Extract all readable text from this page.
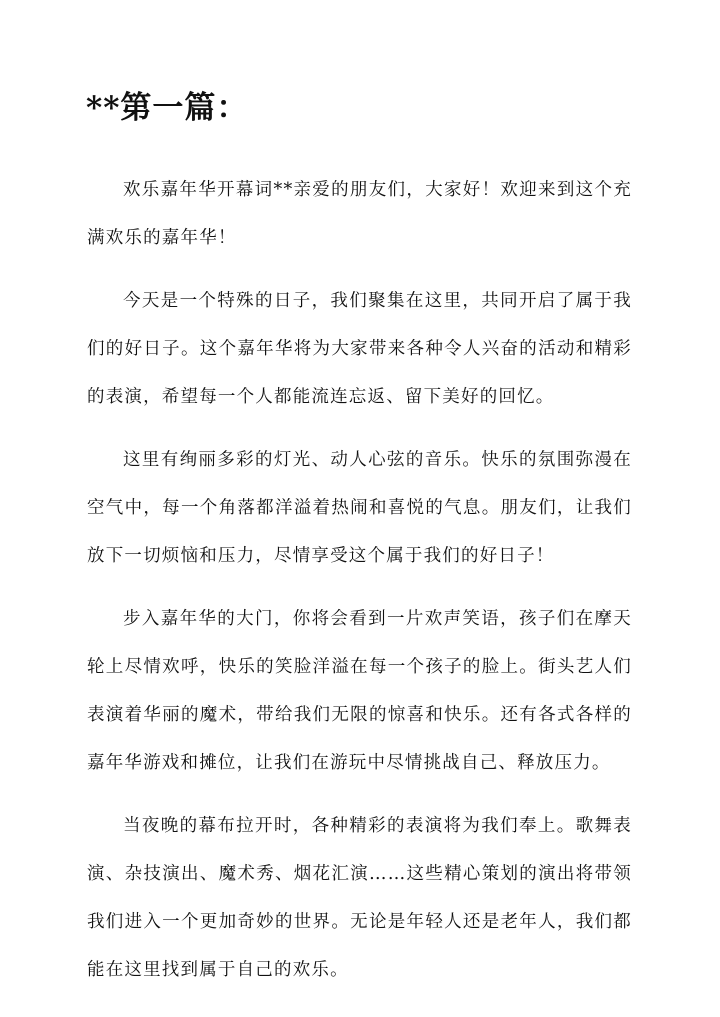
**第一篇：

欢乐嘉年华开幕词**亲爱的朋友们，大家好！欢迎来到这个充满欢乐的嘉年华！

今天是一个特殊的日子，我们聚集在这里，共同开启了属于我们的好日子。这个嘉年华将为大家带来各种令人兴奋的活动和精彩的表演，希望每一个人都能流连忘返、留下美好的回忆。

这里有绚丽多彩的灯光、动人心弦的音乐。快乐的氛围弥漫在空气中，每一个角落都洋溢着热闹和喜悦的气息。朋友们，让我们放下一切烦恼和压力，尽情享受这个属于我们的好日子！

步入嘉年华的大门，你将会看到一片欢声笑语，孩子们在摩天轮上尽情欢呼，快乐的笑脸洋溢在每一个孩子的脸上。街头艺人们表演着华丽的魔术，带给我们无限的惊喜和快乐。还有各式各样的嘉年华游戏和摊位，让我们在游玩中尽情挑战自己、释放压力。

当夜晚的幕布拉开时，各种精彩的表演将为我们奉上。歌舞表演、杂技演出、魔术秀、烟花汇演……这些精心策划的演出将带领我们进入一个更加奇妙的世界。无论是年轻人还是老年人，我们都能在这里找到属于自己的欢乐。
